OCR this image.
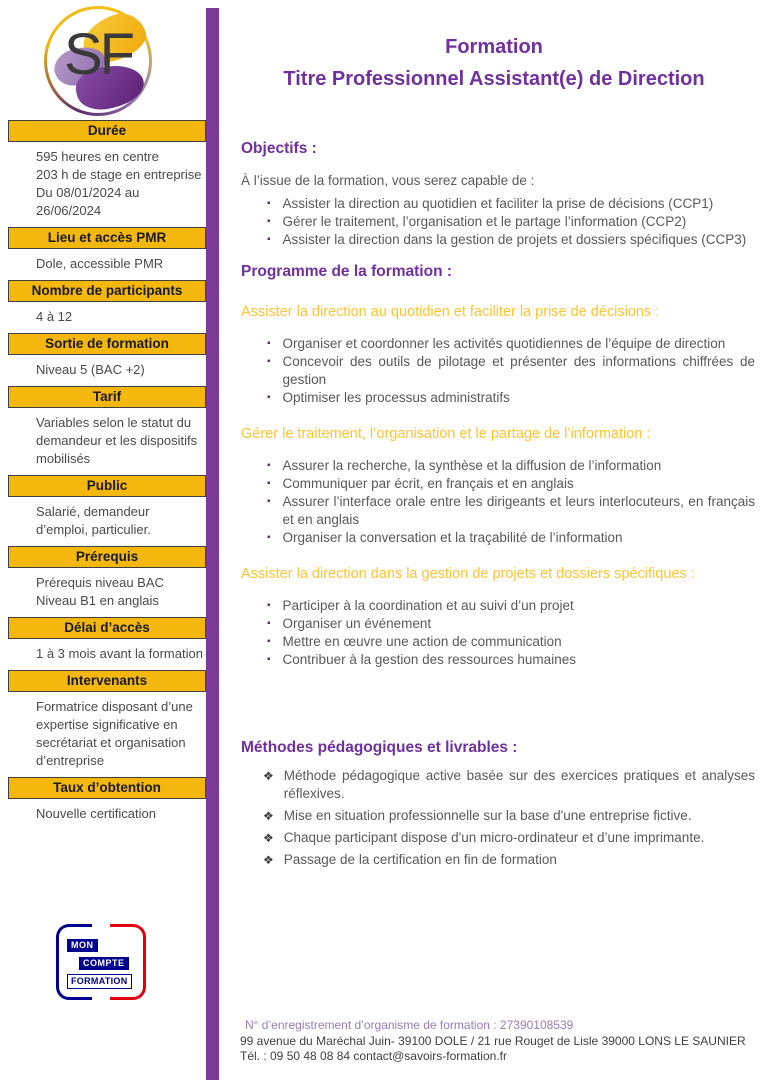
SF	Formation
Titre Professionnel Assistant(e) de Direction
Durée
595 heures en centre
203 h de stage en entreprise
Du 08/01/2024 au 26/06/2024
Lieu et accès PMR
Dole, accessible PMR
Nombre de participants
4 à 12
Sortie de formation
Niveau 5 (BAC +2)
Tarif
Variables selon le statut du demandeur et les dispositifs mobilisés
Public
Salarié, demandeur d’emploi, particulier.
Prérequis
Prérequis niveau BAC
Niveau B1 en anglais
Délai d’accès
1 à 3 mois avant la formation
Intervenants
Formatrice disposant d’une expertise significative en secrétariat et organisation d’entreprise
Taux d’obtention
Nouvelle certification
Objectifs :

À l’issue de la formation, vous serez capable de :

▪ Assister la direction au quotidien et faciliter la prise de décisions (CCP1)
▪ Gérer le traitement, l’organisation et le partage l’information (CCP2)
▪ Assister la direction dans la gestion de projets et dossiers spécifiques (CCP3)
Programme de la formation :
Assister la direction au quotidien et faciliter la prise de décisions :
▪ Organiser et coordonner les activités quotidiennes de l’équipe de direction
▪ Concevoir des outils de pilotage et présenter des informations chiffrées de gestion
▪ Optimiser les processus administratifs
Gérer le traitement, l’organisation et le partage de l’information :
▪ Assurer la recherche, la synthèse et la diffusion de l’information
▪ Communiquer par écrit, en français et en anglais
▪ Assurer l’interface orale entre les dirigeants et leurs interlocuteurs, en français et en anglais
▪ Organiser la conversation et la traçabilité de l’information
Assister la direction dans la gestion de projets et dossiers spécifiques :
▪ Participer à la coordination et au suivi d’un projet
▪ Organiser un événement
▪ Mettre en œuvre une action de communication
▪ Contribuer à la gestion des ressources humaines
Méthodes pédagogiques et livrables :
❖ Méthode pédagogique active basée sur des exercices pratiques et analyses réflexives.
❖ Mise en situation professionnelle sur la base d'une entreprise fictive.
❖ Chaque participant dispose d'un micro-ordinateur et d’une imprimante.
❖ Passage de la certification en fin de formation
MON
COMPTE
FORMATION
N° d’enregistrement d’organisme de formation : 27390108539
99 avenue du Maréchal Juin- 39100 DOLE / 21 rue Rouget de Lisle 39000 LONS LE SAUNIER
Tél. : 09 50 48 08 84 contact@savoirs-formation.fr
